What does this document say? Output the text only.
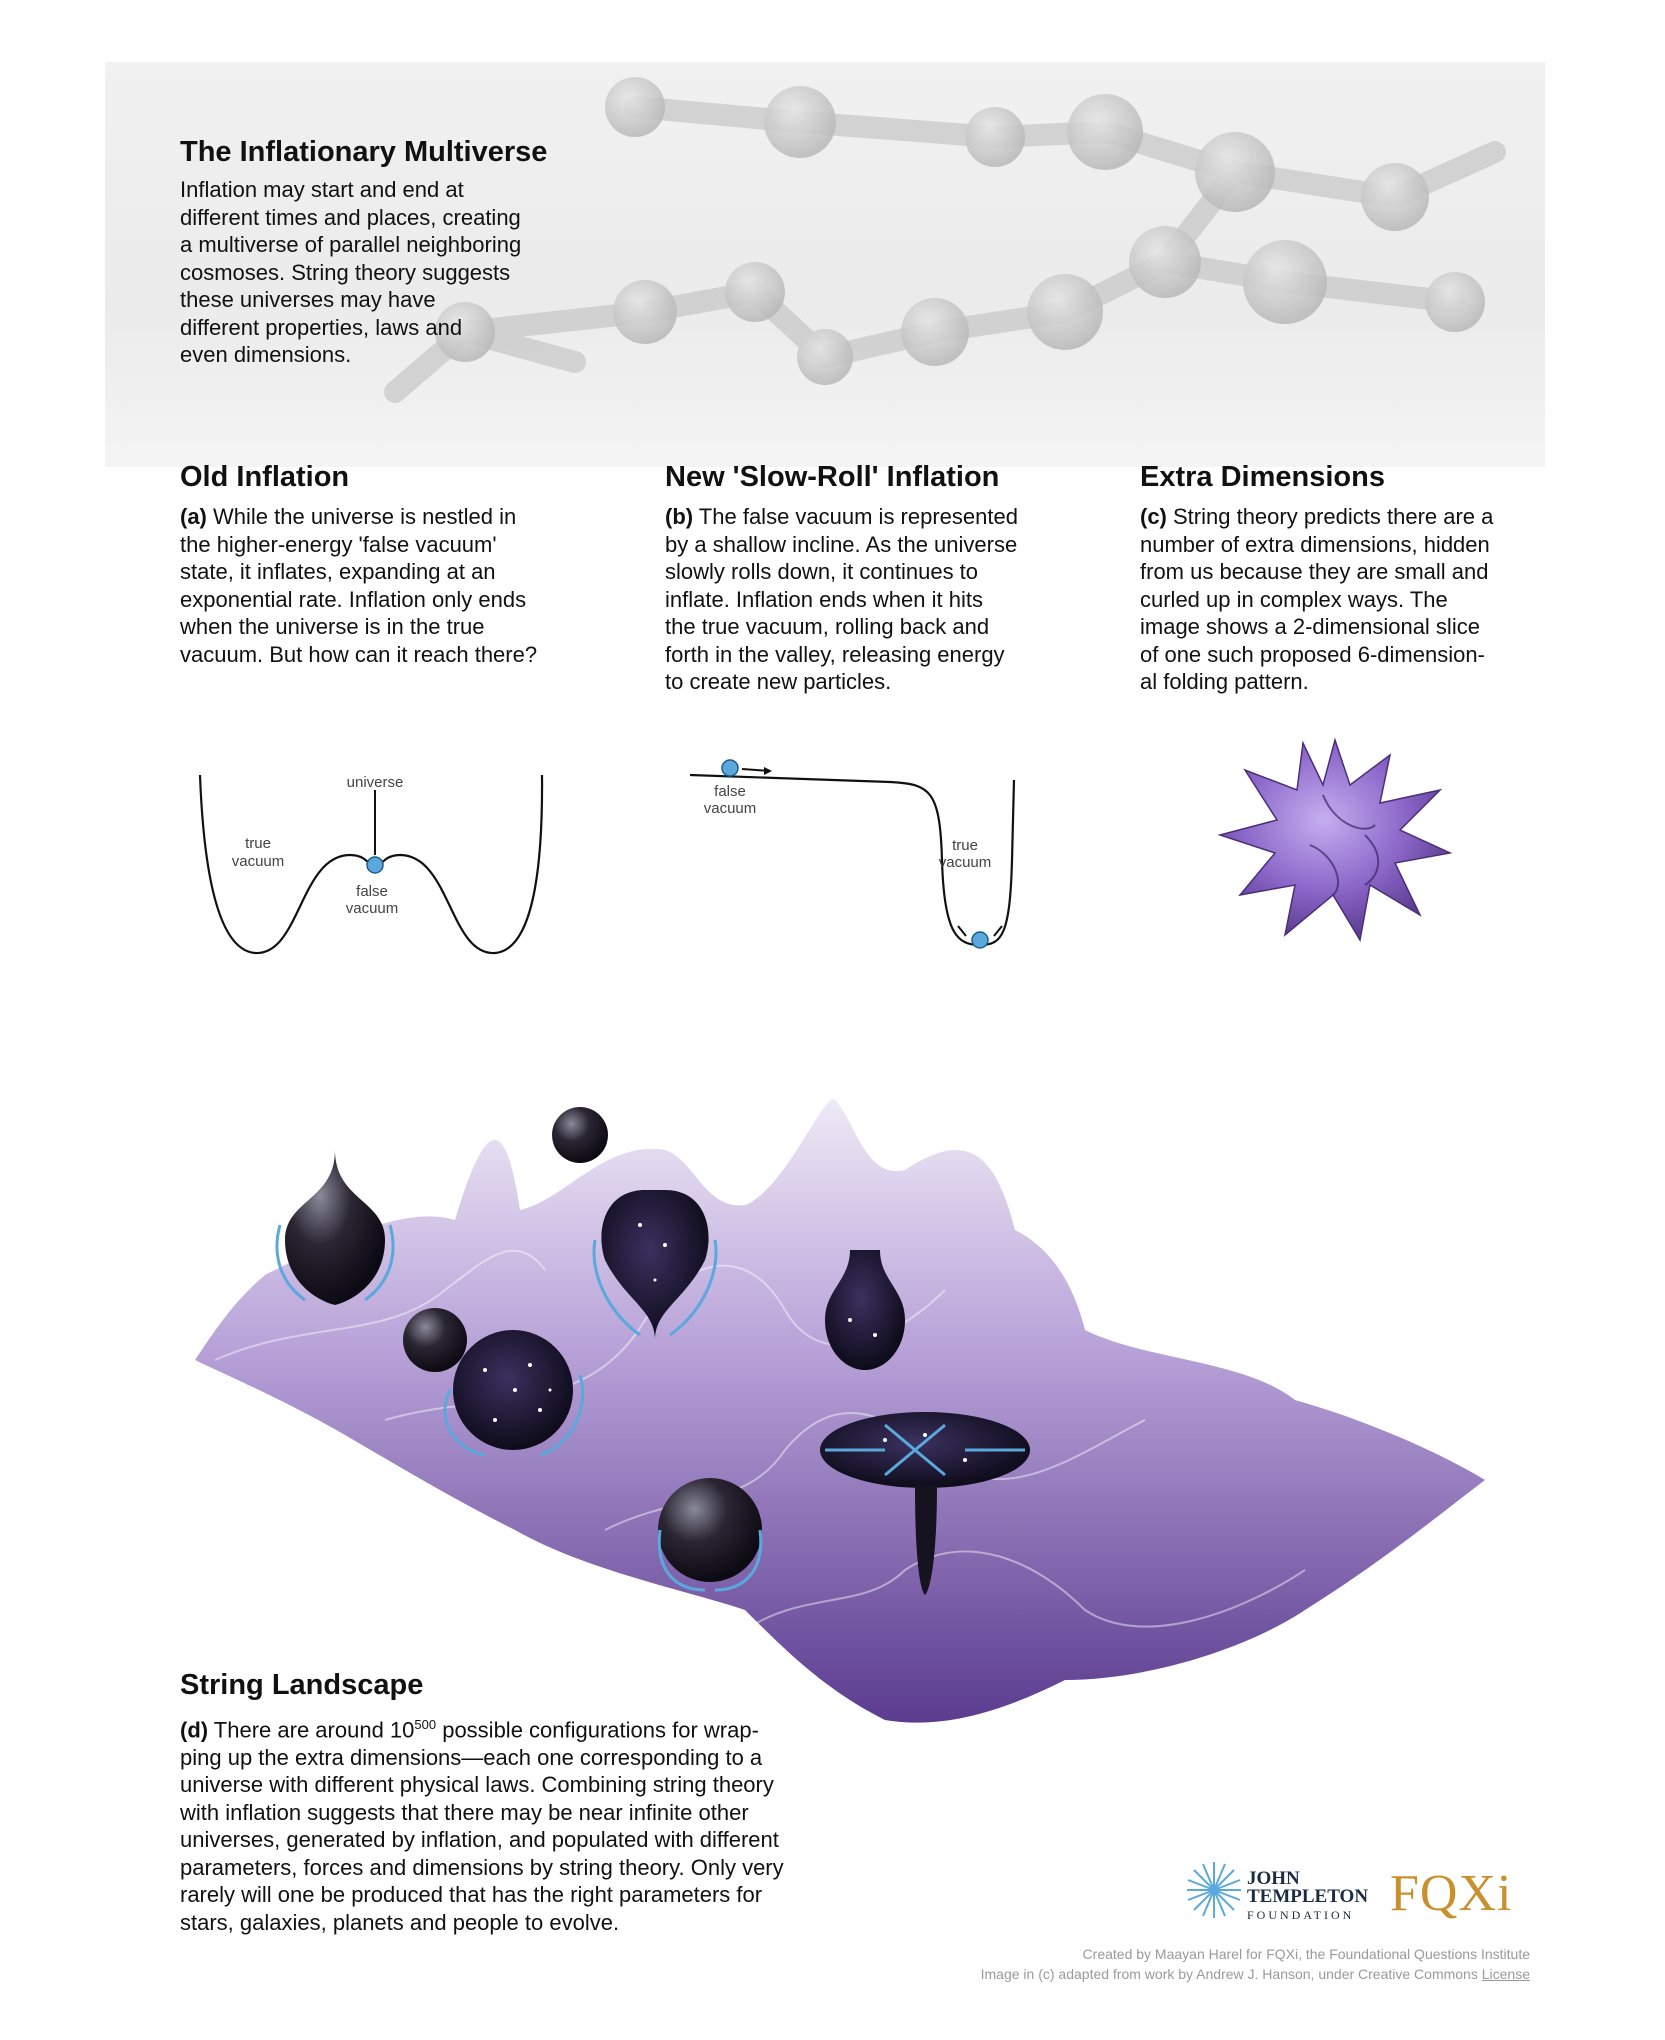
The Inflationary Multiverse
Inflation may start and end at
different times and places, creating
a multiverse of parallel neighboring
cosmoses. String theory suggests
these universes may have
different properties, laws and
even dimensions.
Old Inflation
(a) While the universe is nestled in
the higher-energy 'false vacuum'
state, it inflates, expanding at an
exponential rate. Inflation only ends
when the universe is in the true
vacuum. But how can it reach there?
New 'Slow-Roll' Inflation
(b) The false vacuum is represented
by a shallow incline. As the universe
slowly rolls down, it continues to
inflate. Inflation ends when it hits
the true vacuum, rolling back and
forth in the valley, releasing energy
to create new particles.
Extra Dimensions
(c) String theory predicts there are a
number of extra dimensions, hidden
from us because they are small and
curled up in complex ways. The
image shows a 2-dimensional slice
of one such proposed 6-dimension-
al folding pattern.
universe
true
vacuum
false
vacuum
false
vacuum
true
vacuum
String Landscape
(d) There are around $10^{500}$ possible configurations for wrap-
ping up the extra dimensions—each one corresponding to a
universe with different physical laws. Combining string theory
with inflation suggests that there may be near infinite other
universes, generated by inflation, and populated with different
parameters, forces and dimensions by string theory. Only very
rarely will one be produced that has the right parameters for
stars, galaxies, planets and people to evolve.
JOHN
TEMPLETON
FOUNDATION FQXi
Created by Maayan Harel for FQXi, the Foundational Questions Institute
Image in (c) adapted from work by Andrew J. Hanson, under Creative Commons License
